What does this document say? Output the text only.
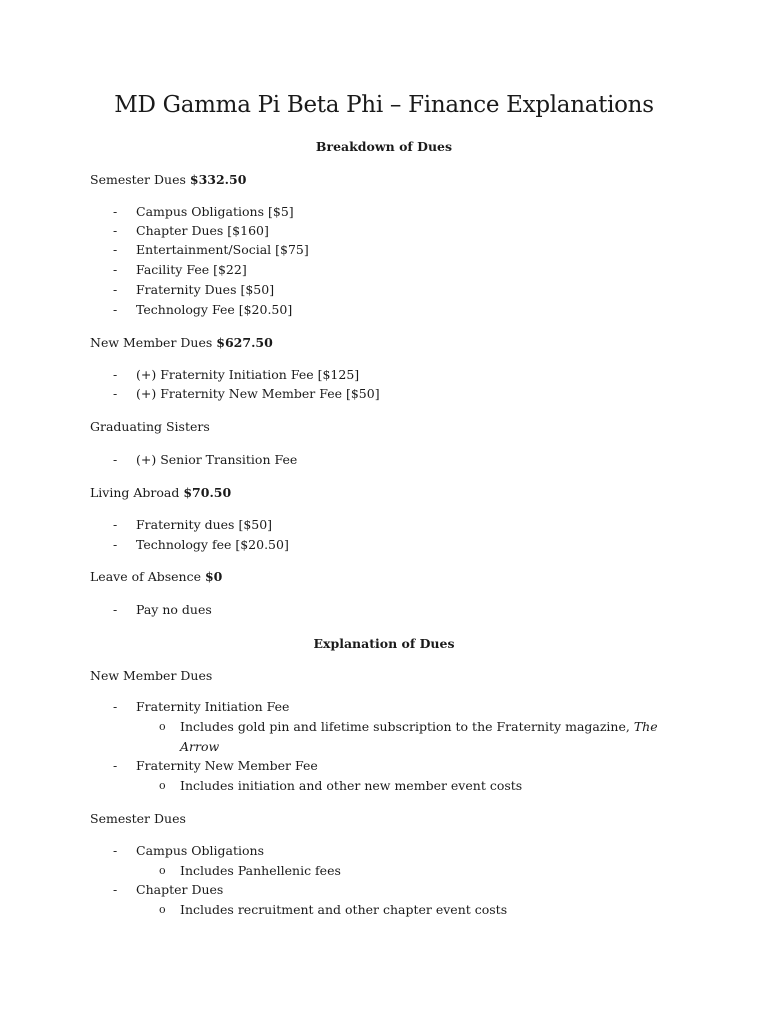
MD Gamma Pi Beta Phi – Finance Explanations
Breakdown of Dues
Semester Dues $332.50
- Campus Obligations [$5]
- Chapter Dues [$160]
- Entertainment/Social [$75]
- Facility Fee [$22]
- Fraternity Dues [$50]
- Technology Fee [$20.50]
New Member Dues $627.50
- (+) Fraternity Initiation Fee [$125]
- (+) Fraternity New Member Fee [$50]
Graduating Sisters
- (+) Senior Transition Fee
Living Abroad $70.50
- Fraternity dues [$50]
- Technology fee [$20.50]
Leave of Absence $0
- Pay no dues
Explanation of Dues
New Member Dues
- Fraternity Initiation Fee
o Includes gold pin and lifetime subscription to the Fraternity magazine, The
Arrow
- Fraternity New Member Fee
o Includes initiation and other new member event costs
Semester Dues
- Campus Obligations
o Includes Panhellenic fees
- Chapter Dues
o Includes recruitment and other chapter event costs
